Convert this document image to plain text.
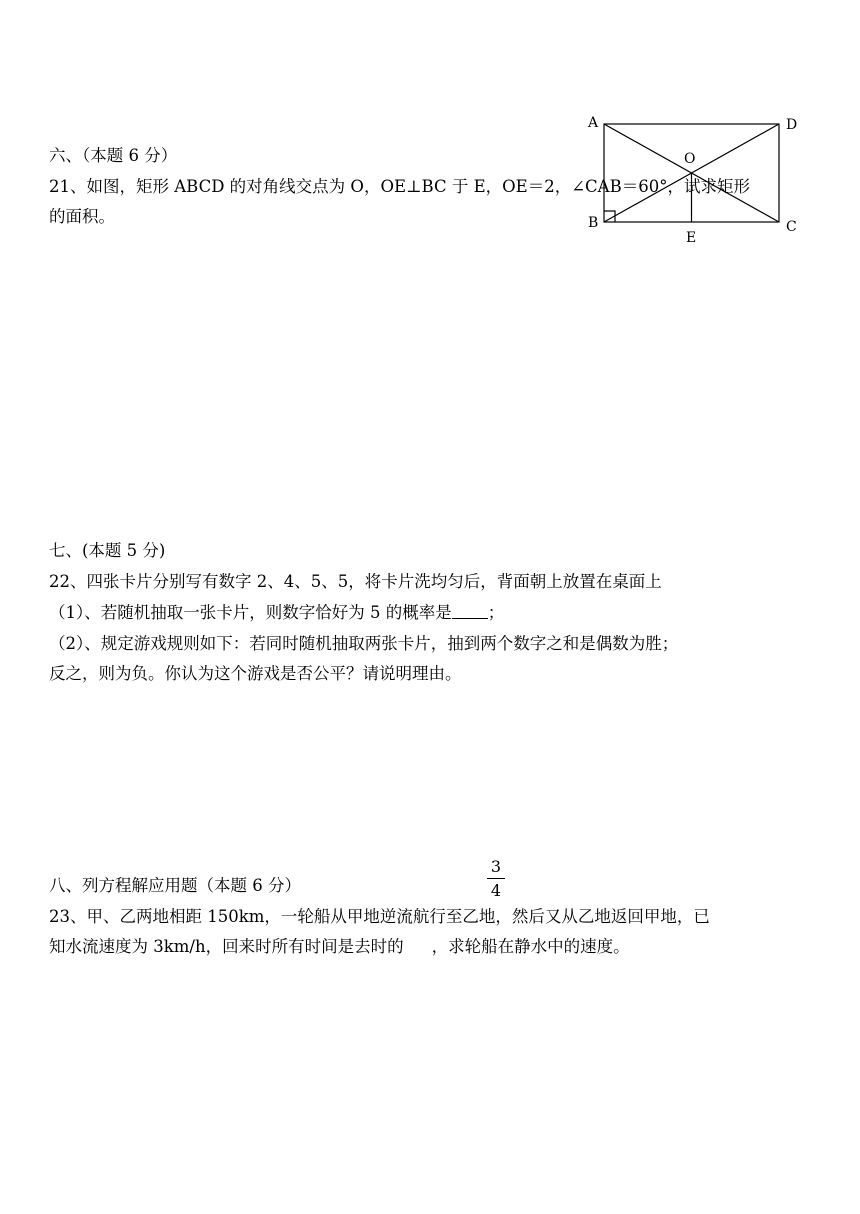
A	D
O
B	C
E
六、（本题 6 分）
21、如图，矩形 ABCD 的对角线交点为 O，OE⊥BC 于 E，OE＝2，∠CAB＝60°，试求矩形
的面积。
七、(本题 5 分)
22、四张卡片分别写有数字 2、4、5、5，将卡片洗均匀后，背面朝上放置在桌面上
（1）、若随机抽取一张卡片，则数字恰好为 5 的概率是 ；
（2）、规定游戏规则如下：若同时随机抽取两张卡片，抽到两个数字之和是偶数为胜；
反之，则为负。你认为这个游戏是否公平？请说明理由。
八、列方程解应用题（本题 6 分）
3
4
23、甲、乙两地相距 150km，一轮船从甲地逆流航行至乙地，然后又从乙地返回甲地，已
知水流速度为 3km/h，回来时所有时间是去时的 ，求轮船在静水中的速度。
